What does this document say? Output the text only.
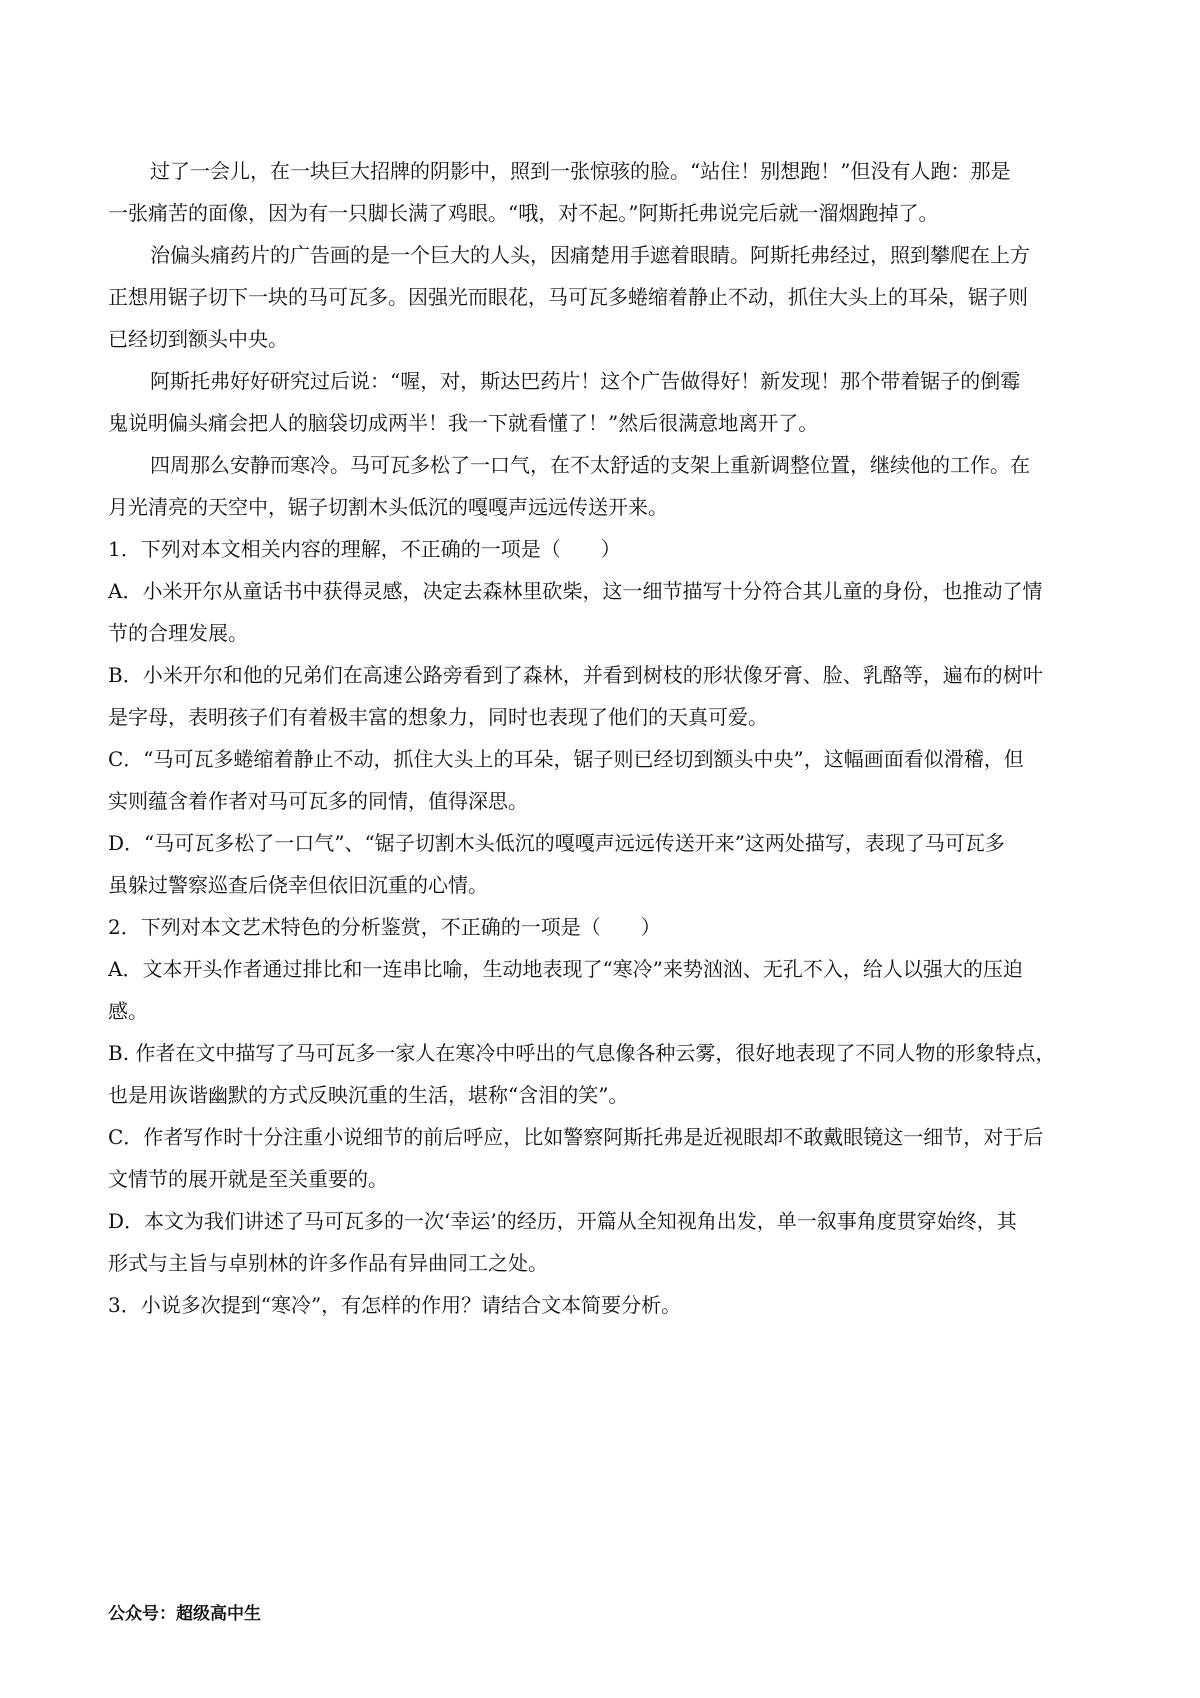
过了一会儿，在一块巨大招牌的阴影中，照到一张惊骇的脸。“站住！别想跑！”但没有人跑：那是
一张痛苦的面像，因为有一只脚长满了鸡眼。“哦，对不起。”阿斯托弗说完后就一溜烟跑掉了。
治偏头痛药片的广告画的是一个巨大的人头，因痛楚用手遮着眼睛。阿斯托弗经过，照到攀爬在上方
正想用锯子切下一块的马可瓦多。因强光而眼花，马可瓦多蜷缩着静止不动，抓住大头上的耳朵，锯子则
已经切到额头中央。
阿斯托弗好好研究过后说：“喔，对，斯达巴药片！这个广告做得好！新发现！那个带着锯子的倒霉
鬼说明偏头痛会把人的脑袋切成两半！我一下就看懂了！”然后很满意地离开了。
四周那么安静而寒冷。马可瓦多松了一口气，在不太舒适的支架上重新调整位置，继续他的工作。在
月光清亮的天空中，锯子切割木头低沉的嘎嘎声远远传送开来。
1．下列对本文相关内容的理解，不正确的一项是（　　）
A．小米开尔从童话书中获得灵感，决定去森林里砍柴，这一细节描写十分符合其儿童的身份，也推动了情
节的合理发展。
B．小米开尔和他的兄弟们在高速公路旁看到了森林，并看到树枝的形状像牙膏、脸、乳酪等，遍布的树叶
是字母，表明孩子们有着极丰富的想象力，同时也表现了他们的天真可爱。
C．“马可瓦多蜷缩着静止不动，抓住大头上的耳朵，锯子则已经切到额头中央”，这幅画面看似滑稽，但
实则蕴含着作者对马可瓦多的同情，值得深思。
D．“马可瓦多松了一口气”、“锯子切割木头低沉的嘎嘎声远远传送开来”这两处描写，表现了马可瓦多
虽躲过警察巡查后侥幸但依旧沉重的心情。
2．下列对本文艺术特色的分析鉴赏，不正确的一项是（　　）
A．文本开头作者通过排比和一连串比喻，生动地表现了“寒冷”来势汹汹、无孔不入，给人以强大的压迫
感。
B. 作者在文中描写了马可瓦多一家人在寒冷中呼出的气息像各种云雾，很好地表现了不同人物的形象特点，
也是用诙谐幽默的方式反映沉重的生活，堪称“含泪的笑”。
C．作者写作时十分注重小说细节的前后呼应，比如警察阿斯托弗是近视眼却不敢戴眼镜这一细节，对于后
文情节的展开就是至关重要的。
D．本文为我们讲述了马可瓦多的一次‘幸运’的经历，开篇从全知视角出发，单一叙事角度贯穿始终，其
形式与主旨与卓别林的许多作品有异曲同工之处。
3．小说多次提到“寒冷”，有怎样的作用？请结合文本简要分析。
公众号：超级高中生
